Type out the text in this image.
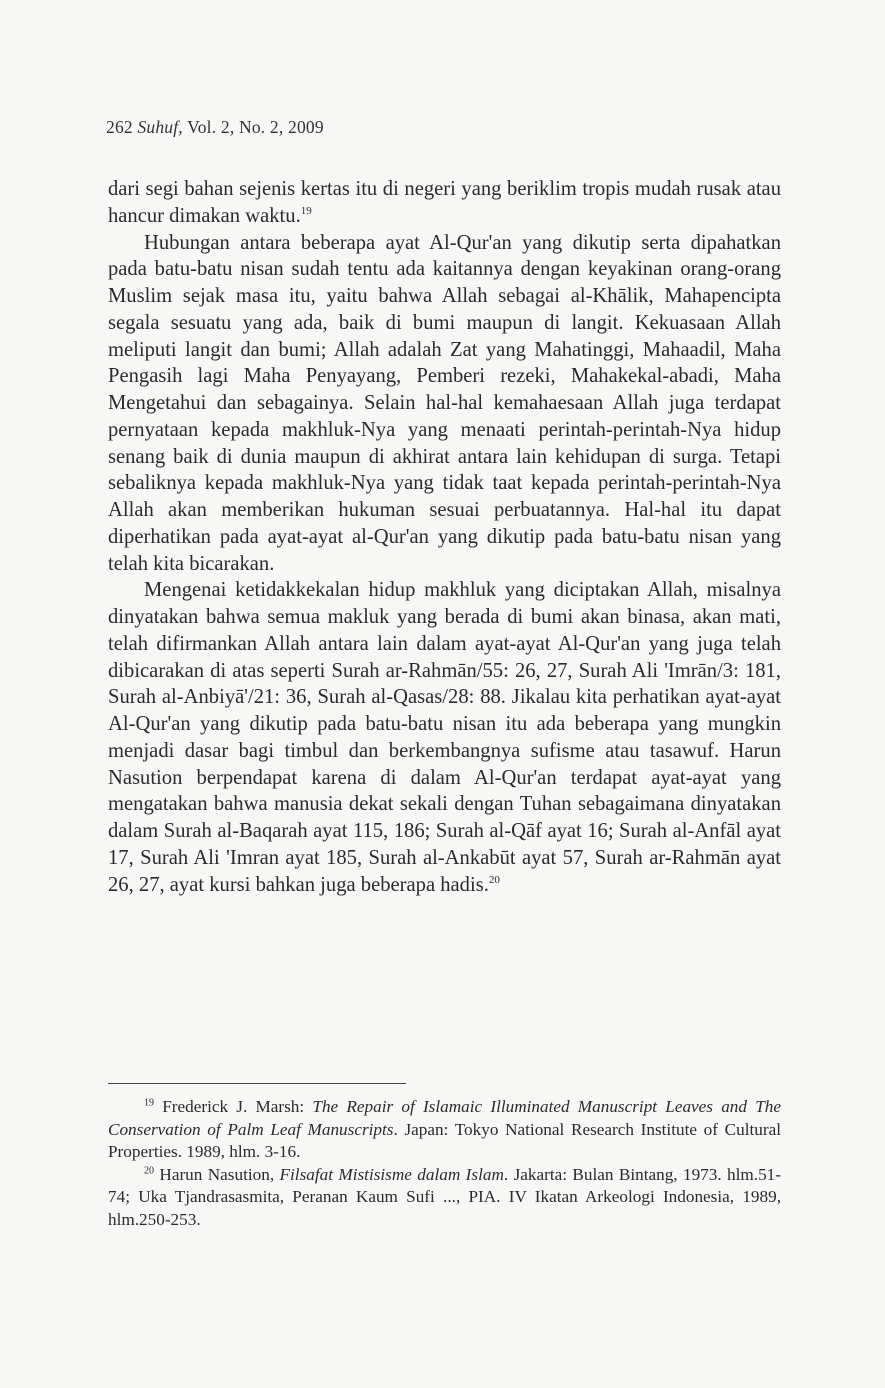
262 Suhuf, Vol. 2, No. 2, 2009

dari segi bahan sejenis kertas itu di negeri yang beriklim tropis mudah rusak atau hancur dimakan waktu.$^{19}$

Hubungan antara beberapa ayat Al-Qur'an yang dikutip serta dipahatkan pada batu-batu nisan sudah tentu ada kaitannya dengan keyakinan orang-orang Muslim sejak masa itu, yaitu bahwa Allah sebagai al-Khālik, Mahapencipta segala sesuatu yang ada, baik di bumi maupun di langit. Kekuasaan Allah meliputi langit dan bumi; Allah adalah Zat yang Mahatinggi, Mahaadil, Maha Pengasih lagi Maha Penyayang, Pemberi rezeki, Mahakekal-abadi, Maha Mengetahui dan sebagainya. Selain hal-hal kemahaesaan Allah juga terdapat pernyataan kepada makhluk-Nya yang menaati perintah-perintah-Nya hidup senang baik di dunia maupun di akhirat antara lain kehidupan di surga. Tetapi sebaliknya kepada makhluk-Nya yang tidak taat kepada perintah-perintah-Nya Allah akan memberikan hukuman sesuai perbuatannya. Hal-hal itu dapat diperhatikan pada ayat-ayat al-Qur'an yang dikutip pada batu-batu nisan yang telah kita bicarakan.

Mengenai ketidakkekalan hidup makhluk yang diciptakan Allah, misalnya dinyatakan bahwa semua makluk yang berada di bumi akan binasa, akan mati, telah difirmankan Allah antara lain dalam ayat-ayat Al-Qur'an yang juga telah dibicarakan di atas seperti Surah ar-Rahmān/55: 26, 27, Surah Ali 'Imrān/3: 181, Surah al-Anbiyā'/21: 36, Surah al-Qasas/28: 88. Jikalau kita perhatikan ayat-ayat Al-Qur'an yang dikutip pada batu-batu nisan itu ada beberapa yang mungkin menjadi dasar bagi timbul dan berkembangnya sufisme atau tasawuf. Harun Nasution berpendapat karena di dalam Al-Qur'an terdapat ayat-ayat yang mengatakan bahwa manusia dekat sekali dengan Tuhan sebagaimana dinyatakan dalam Surah al-Baqarah ayat 115, 186; Surah al-Qāf ayat 16; Surah al-Anfāl ayat 17, Surah Ali 'Imran ayat 185, Surah al-Ankabūt ayat 57, Surah ar-Rahmān ayat 26, 27, ayat kursi bahkan juga beberapa hadis.$^{20}$

$^{19}$ Frederick J. Marsh: The Repair of Islamaic Illuminated Manuscript Leaves and The Conservation of Palm Leaf Manuscripts. Japan: Tokyo National Research Institute of Cultural Properties. 1989, hlm. 3-16.

$^{20}$ Harun Nasution, Filsafat Mistisisme dalam Islam. Jakarta: Bulan Bintang, 1973. hlm.51-74; Uka Tjandrasasmita, Peranan Kaum Sufi ..., PIA. IV Ikatan Arkeologi Indonesia, 1989, hlm.250-253.
